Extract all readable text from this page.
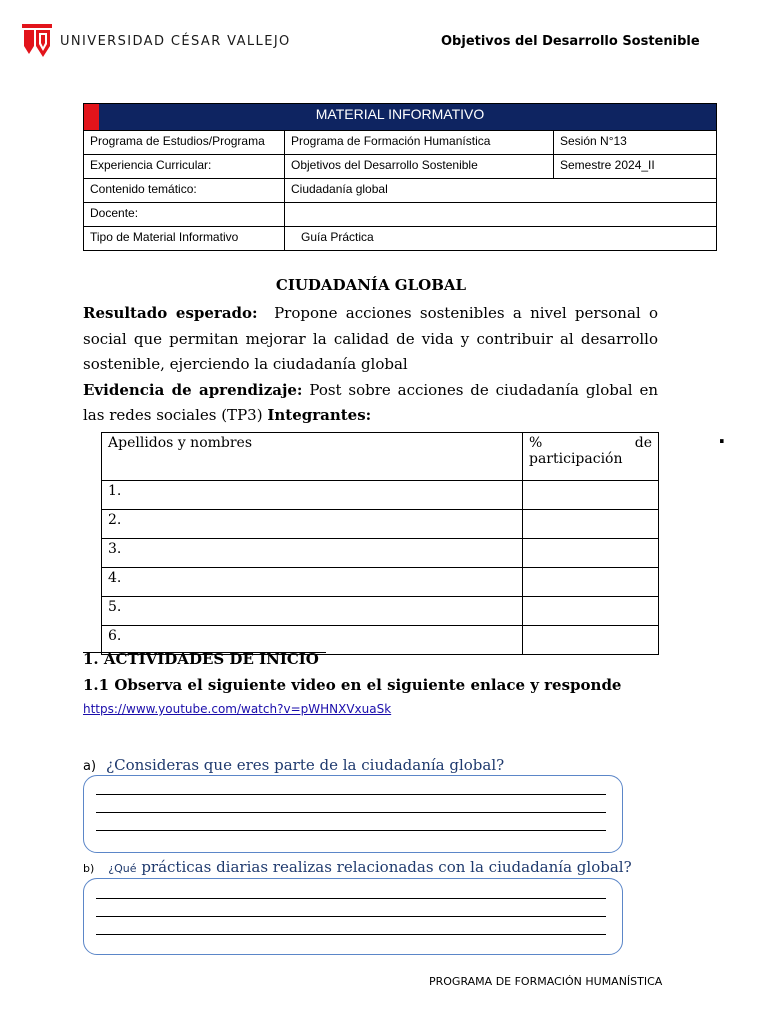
UNIVERSIDAD CÉSAR VALLEJO	Objetivos del Desarrollo Sostenible
MATERIAL INFORMATIVO		
Programa de Estudios/Programa	Programa de Formación Humanística	Sesión N°13
Experiencia Curricular:	Objetivos del Desarrollo Sostenible	Semestre 2024_II
Contenido temático:	Ciudadanía global	
Docente:		
Tipo de Material Informativo	Guía Práctica	
CIUDADANÍA GLOBAL
Resultado esperado: Propone acciones sostenibles a nivel personal o social que permitan mejorar la calidad de vida y contribuir al desarrollo sostenible, ejerciendo la ciudadanía global
Evidencia de aprendizaje: Post sobre acciones de ciudadanía global en las redes sociales (TP3) Integrantes:
.
Apellidos y nombres	% de
participación

1.	
2.	
3.	
4.	
5.	
6.	
1. ACTIVIDADES DE INICIO
1.1 Observa el siguiente video en el siguiente enlace y responde
https://www.youtube.com/watch?v=pWHNXVxuaSk
a) ¿Consideras que eres parte de la ciudadanía global?
b) ¿Qué prácticas diarias realizas relacionadas con la ciudadanía global?
PROGRAMA DE FORMACIÓN HUMANÍSTICA
